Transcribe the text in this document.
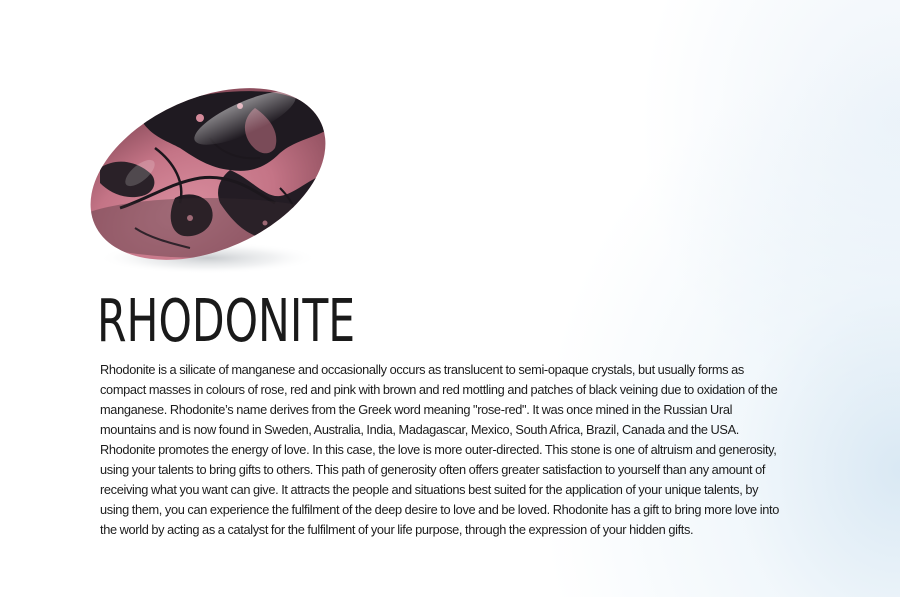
RHODONITE

Rhodonite is a silicate of manganese and occasionally occurs as translucent to semi-opaque crystals, but usually forms as compact masses in colours of rose, red and pink with brown and red mottling and patches of black veining due to oxidation of the manganese. Rhodonite’s name derives from the Greek word meaning "rose-red". It was once mined in the Russian Ural mountains and is now found in Sweden, Australia, India, Madagascar, Mexico, South Africa, Brazil, Canada and the USA. Rhodonite promotes the energy of love. In this case, the love is more outer-directed. This stone is one of altruism and generosity, using your talents to bring gifts to others. This path of generosity often offers greater satisfaction to yourself than any amount of receiving what you want can give. It attracts the people and situations best suited for the application of your unique talents, by using them, you can experience the fulfilment of the deep desire to love and be loved. Rhodonite has a gift to bring more love into the world by acting as a catalyst for the fulfilment of your life purpose, through the expression of your hidden gifts.
